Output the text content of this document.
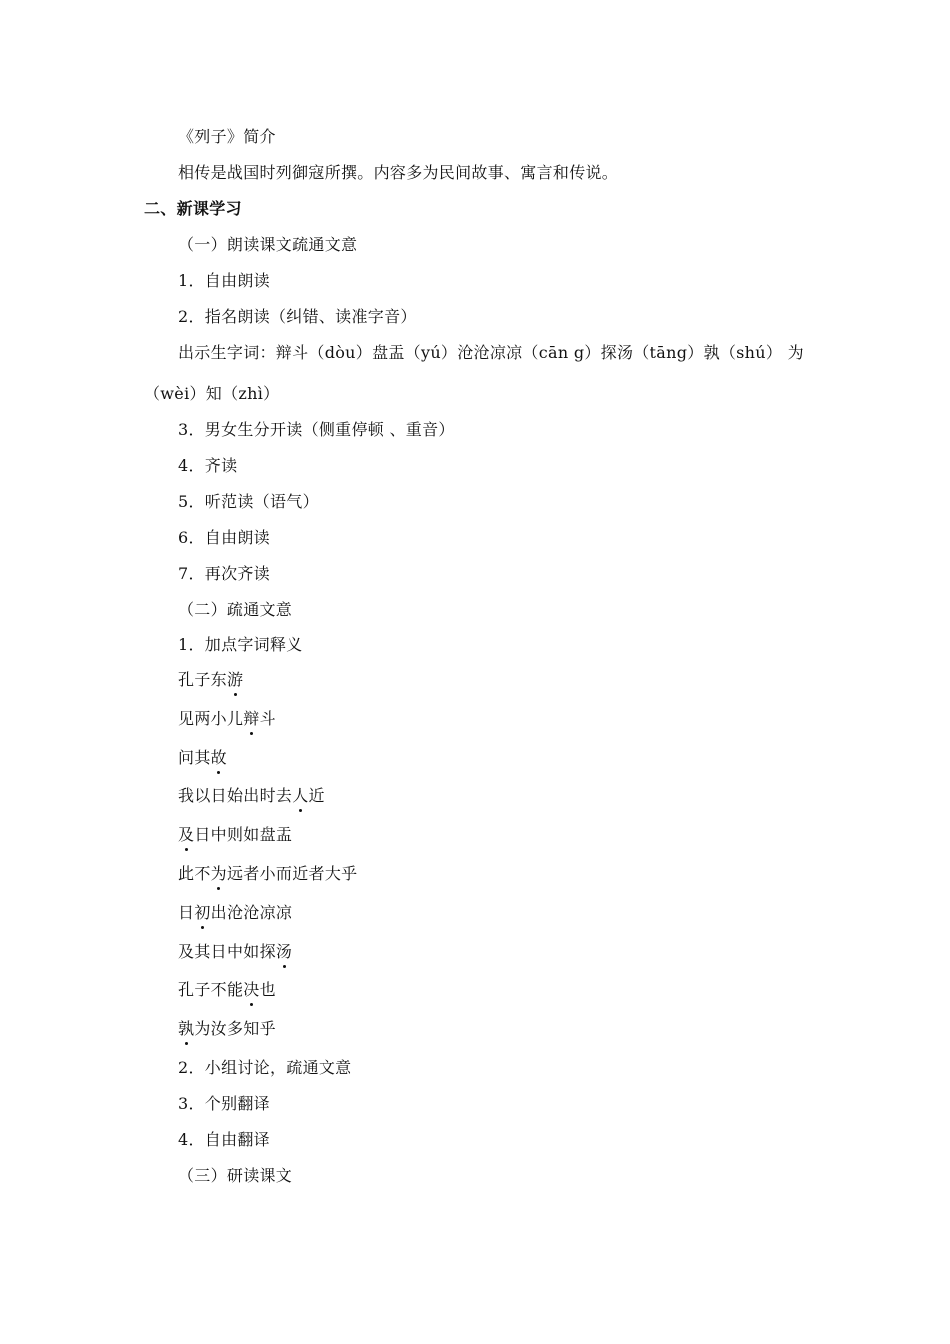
《列子》简介
相传是战国时列御寇所撰。内容多为民间故事、寓言和传说。
二、新课学习
（一）朗读课文疏通文意
1．自由朗读
2．指名朗读（纠错、读准字音）
出示生字词：辩斗（dòu）盘盂（yú）沧沧凉凉（cān g）探汤（tāng）孰（shú） 为
（wèi）知（zhì）
3．男女生分开读（侧重停顿 、重音）
4．齐读
5．听范读（语气）
6．自由朗读
7．再次齐读
（二）疏通文意
1．加点字词释义
孔子东游
见两小儿辩斗
问其故
我以日始出时去人近
及日中则如盘盂
此不为远者小而近者大乎
日初出沧沧凉凉
及其日中如探汤
孔子不能决也
孰为汝多知乎
2．小组讨论，疏通文意
3．个别翻译
4．自由翻译
（三）研读课文
